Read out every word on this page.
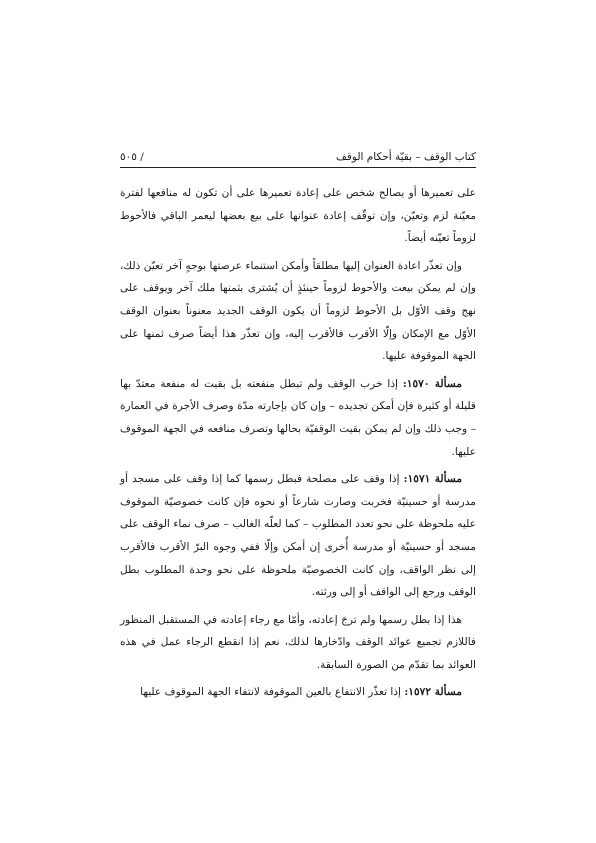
كتاب الوقف – بقيّة أحكام الوقف
/ ٥٠٥

على تعميرها أو يصالح شخص على إعادة تعميرها على أن تكون له منافعها لفترة معيّنة لزم وتعيّن، وإن توقّف إعادة عنوانها على بيع بعضها ليعمر الباقي فالأحوط لزوماً تعيّنه أيضاً.

وإن تعذّر اعادة العنوان إليها مطلقاً وأمكن استنماء عرصتها بوجهٍ آخر تعيّن ذلك، وإن لم يمكن بيعت والأحوط لزوماً حينئذٍ أن يُشترى بثمنها ملك آخر ويوقف على نهج وقف الأوّل بل الأحوط لزوماً أن يكون الوقف الجديد معنوناً بعنوان الوقف الأوّل مع الإمكان وإلّا الأقرب فالأقرب إليه، وإن تعذّر هذا أيضاً صرف ثمنها على الجهة الموقوفة عليها.

مسألة ١٥٧٠: إذا خرب الوقف ولم تبطل منفعته بل بقيت له منفعة معتدّ بها قليلة أو كثيرة فإن أمكن تجديده – وإن كان بإجارته مدّة وصرف الأجرة في العمارة – وجب ذلك وإن لم يمكن بقيت الوقفيّة بحالها وتصرف منافعه في الجهة الموقوف عليها.

مسألة ١٥٧١: إذا وقف على مصلحة فبطل رسمها كما إذا وقف على مسجد أو مدرسة أو حسينيّة فخربت وصارت شارعاً أو نحوه فإن كانت خصوصيّة الموقوف عليه ملحوظة على نحو تعدد المطلوب – كما لعلّه الغالب – صرف نماء الوقف على مسجد أو حسينيّة أو مدرسة أُخرى إن أمكن وإلّا ففي وجوه البرّ الأقرب فالأقرب إلى نظر الواقف، وإن كانت الخصوصيّة ملحوظة على نحو وحدة المطلوب بطل الوقف ورجع إلى الواقف أو إلى ورثته.

هذا إذا بطل رسمها ولم ترجَ إعادته، وأمّا مع رجاء إعادته في المستقبل المنظور فاللازم تجميع عوائد الوقف وادّخارها لذلك، نعم إذا انقطع الرجاء عمل في هذه العوائد بما تقدّم من الصورة السابقة.

مسألة ١٥٧٢: إذا تعذّر الانتفاع بالعين الموقوفة لانتفاء الجهة الموقوف عليها
